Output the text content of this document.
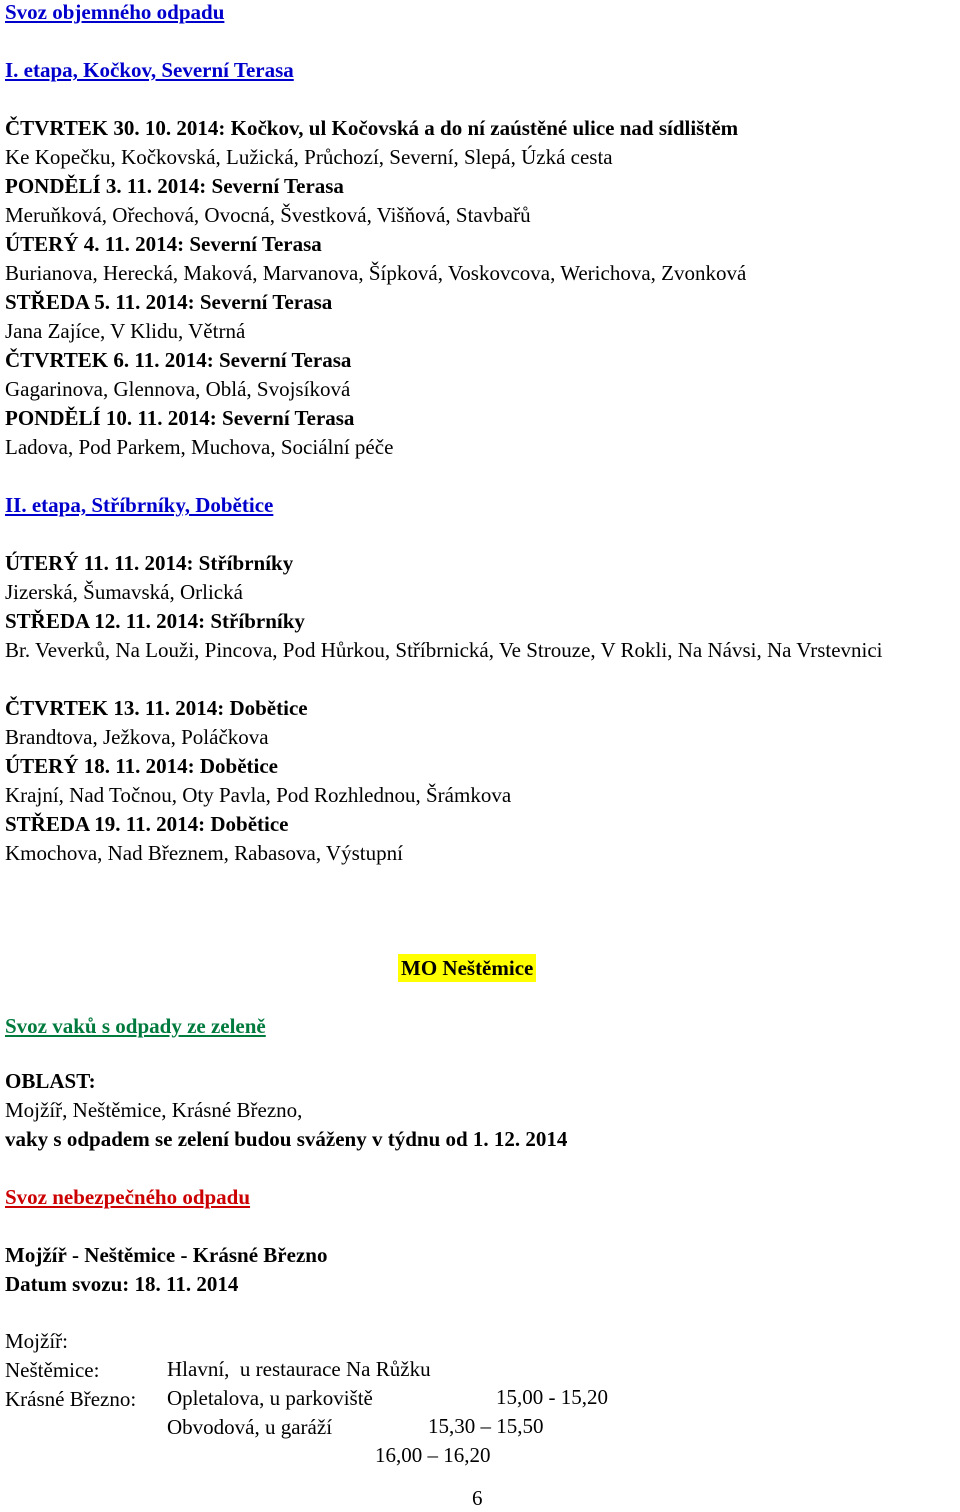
Svoz objemného odpadu
I. etapa, Kočkov, Severní Terasa
ČTVRTEK 30. 10. 2014: Kočkov, ul Kočovská a do ní zaústěné ulice nad sídlištěm
Ke Kopečku, Kočkovská, Lužická, Průchozí, Severní, Slepá, Úzká cesta
PONDĚLÍ 3. 11. 2014: Severní Terasa
Meruňková, Ořechová, Ovocná, Švestková, Višňová, Stavbařů
ÚTERÝ 4. 11. 2014: Severní Terasa
Burianova, Herecká, Maková, Marvanova, Šípková, Voskovcova, Werichova, Zvonková
STŘEDA 5. 11. 2014: Severní Terasa
Jana Zajíce, V Klidu, Větrná
ČTVRTEK 6. 11. 2014: Severní Terasa
Gagarinova, Glennova, Oblá, Svojsíková
PONDĚLÍ 10. 11. 2014: Severní Terasa
Ladova, Pod Parkem, Muchova, Sociální péče
II. etapa, Stříbrníky, Dobětice
ÚTERÝ 11. 11. 2014: Stříbrníky
Jizerská, Šumavská, Orlická
STŘEDA 12. 11. 2014: Stříbrníky
Br. Veverků, Na Louži, Pincova, Pod Hůrkou, Stříbrnická, Ve Strouze, V Rokli, Na Návsi, Na Vrstevnici
ČTVRTEK 13. 11. 2014: Dobětice
Brandtova, Ježkova, Poláčkova
ÚTERÝ 18. 11. 2014: Dobětice
Krajní, Nad Točnou, Oty Pavla, Pod Rozhlednou, Šrámkova
STŘEDA 19. 11. 2014: Dobětice
Kmochova, Nad Březnem, Rabasova, Výstupní
MO Neštěmice
Svoz vaků s odpady ze zeleně
OBLAST:
Mojžíř, Neštěmice, Krásné Březno,
vaky s odpadem se zelení budou sváženy v týdnu od 1. 12. 2014
Svoz nebezpečného odpadu
Mojžíř - Neštěmice - Krásné Březno
Datum svozu: 18. 11. 2014

Mojžíř:

Hlavní,  u restaurace Na Růžku

15,00 - 15,20

Neštěmice:

Opletalova, u parkoviště

15,30 – 15,50

Krásné Březno:

Obvodová, u garáží

16,00 – 16,20

6
